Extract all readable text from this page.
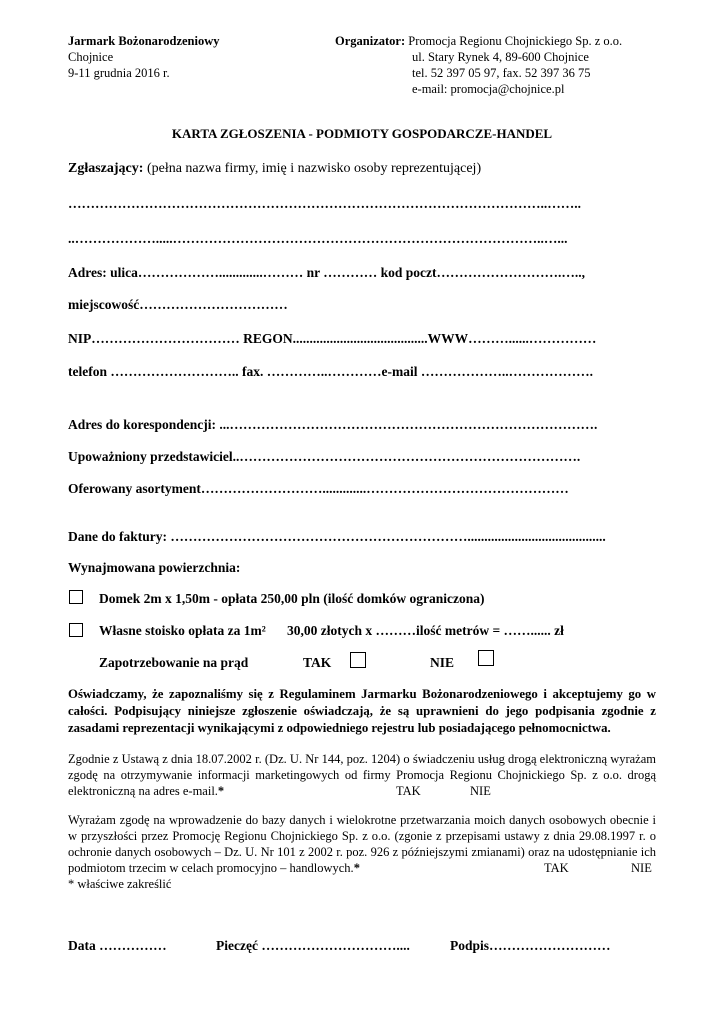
Jarmark Bożonarodzeniowy
Chojnice
9-11 grudnia 2016 r.
Organizator: Promocja Regionu Chojnickiego Sp. z o.o.
ul. Stary Rynek 4, 89-600 Chojnice
tel. 52 397 05 97, fax. 52 397 36 75
e-mail: promocja@chojnice.pl
KARTA ZGŁOSZENIA - PODMIOTY GOSPODARCZE-HANDEL
Zgłaszający: (pełna nazwa firmy, imię i nazwisko osoby reprezentującej)
……………………………………………………………………………………………..……..
..……………….....………………………………………………………………………..…...
Adres: ulica……………….............……… nr ………… kod poczt……………………….…..,
miejscowość……………………………
NIP…………………………… REGON........................................WWW………......……………
telefon ……………………….. fax. …………..…………e-mail ………………..……………….
Adres do korespondencji: ...……………………………………………………………………….
Upoważniony przedstawiciel..………………………………………………………………….
Oferowany asortyment……………………….............………………………………………
Dane do faktury: ………………………………………………………….........................................
Wynajmowana powierzchnia:
Domek 2m x 1,50m - opłata 250,00 pln (ilość domków ograniczona)
Własne stoisko opłata za 1m² 30,00 złotych x ………ilość metrów = ……...... zł
Zapotrzebowanie na prąd	TAK	NIE
Oświadczamy, że zapoznaliśmy się z Regulaminem Jarmarku Bożonarodzeniowego i akceptujemy go w całości. Podpisujący niniejsze zgłoszenie oświadczają, że są uprawnieni do jego podpisania zgodnie z zasadami reprezentacji wynikającymi z odpowiedniego rejestru lub posiadającego pełnomocnictwa.
Zgodnie z Ustawą z dnia 18.07.2002 r. (Dz. U. Nr 144, poz. 1204) o świadczeniu usług drogą elektroniczną wyrażam zgodę na otrzymywanie informacji marketingowych od firmy Promocja Regionu Chojnickiego Sp. z o.o. drogą elektroniczną na adres e-mail.*	TAK	NIE
Wyrażam zgodę na wprowadzenie do bazy danych i wielokrotne przetwarzania moich danych osobowych obecnie i w przyszłości przez Promocję Regionu Chojnickiego Sp. z o.o. (zgonie z przepisami ustawy z dnia 29.08.1997 r. o ochronie danych osobowych – Dz. U. Nr 101 z 2002 r. poz. 926 z późniejszymi zmianami) oraz na udostępnianie ich podmiotom trzecim w celach promocyjno – handlowych.*	TAK	NIE
* właściwe zakreślić
Data ……………	Pieczęć …………………………....	Podpis………………………
